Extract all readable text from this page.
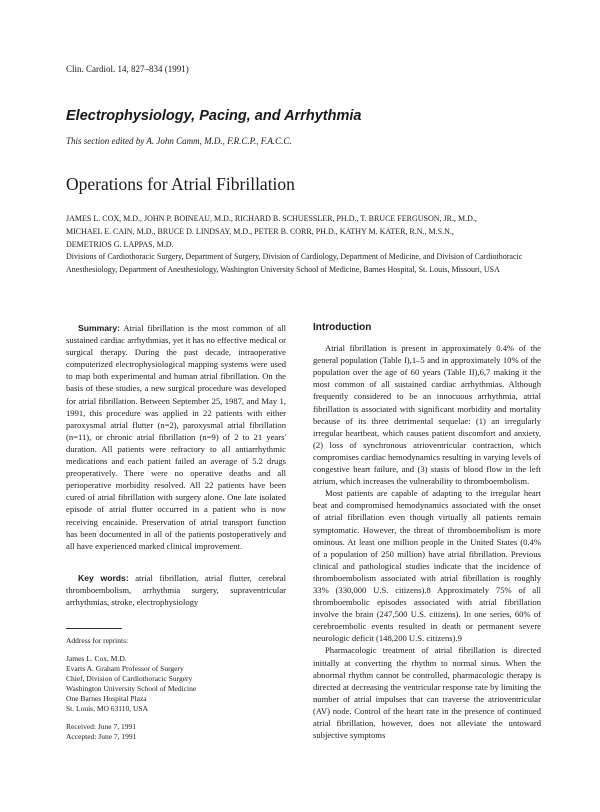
Clin. Cardiol. 14, 827–834 (1991)
Electrophysiology, Pacing, and Arrhythmia
This section edited by A. John Camm, M.D., F.R.C.P., F.A.C.C.
Operations for Atrial Fibrillation
JAMES L. COX, M.D., JOHN P. BOINEAU, M.D., RICHARD B. SCHUESSLER, PH.D., T. BRUCE FERGUSON, JR., M.D.,
MICHAEL E. CAIN, M.D., BRUCE D. LINDSAY, M.D., PETER B. CORR, PH.D., KATHY M. KATER, R.N., M.S.N.,
DEMETRIOS G. LAPPAS, M.D.
Divisions of Cardiothoracic Surgery, Department of Surgery, Division of Cardiology, Department of Medicine, and Division of Cardiothoracic Anesthesiology, Department of Anesthesiology, Washington University School of Medicine, Barnes Hospital, St. Louis, Missouri, USA
Summary: Atrial fibrillation is the most common of all sustained cardiac arrhythmias, yet it has no effective medical or surgical therapy. During the past decade, intraoperative computerized electrophysiological mapping systems were used to map both experimental and human atrial fibrillation. On the basis of these studies, a new surgical procedure was developed for atrial fibrillation. Between September 25, 1987, and May 1, 1991, this procedure was applied in 22 patients with either paroxysmal atrial flutter (n=2), paroxysmal atrial fibrillation (n=11), or chronic atrial fibrillation (n=9) of 2 to 21 years' duration. All patients were refractory to all antiarrhythmic medications and each patient failed an average of 5.2 drugs preoperatively. There were no operative deaths and all perioperative morbidity resolved. All 22 patients have been cured of atrial fibrillation with surgery alone. One late isolated episode of atrial flutter occurred in a patient who is now receiving encainide. Preservation of atrial transport function has been documented in all of the patients postoperatively and all have experienced marked clinical improvement.
Key words: atrial fibrillation, atrial flutter, cerebral thromboembolism, arrhythmia surgery, supraventricular arrhythmias, stroke, electrophysiology
Address for reprints:
James L. Cox, M.D.
Evarts A. Graham Professor of Surgery
Chief, Division of Cardiothoracic Surgery
Washington University School of Medicine
One Barnes Hospital Plaza
St. Louis, MO 63110, USA
Received: June 7, 1991
Accepted: June 7, 1991
Introduction
Atrial fibrillation is present in approximately 0.4% of the general population (Table I),1–5 and in approximately 10% of the population over the age of 60 years (Table II),6,7 making it the most common of all sustained cardiac arrhythmias. Although frequently considered to be an innocuous arrhythmia, atrial fibrillation is associated with significant morbidity and mortality because of its three detrimental sequelae: (1) an irregularly irregular heartbeat, which causes patient discomfort and anxiety, (2) loss of synchronous atrioventricular contraction, which compromises cardiac hemodynamics resulting in varying levels of congestive heart failure, and (3) stasis of blood flow in the left atrium, which increases the vulnerability to thromboembolism.
Most patients are capable of adapting to the irregular heart beat and compromised hemodynamics associated with the onset of atrial fibrillation even though virtually all patients remain symptomatic. However, the threat of thromboembolism is more ominous. At least one million people in the United States (0.4% of a population of 250 million) have atrial fibrillation. Previous clinical and pathological studies indicate that the incidence of thromboembolism associated with atrial fibrillation is roughly 33% (330,000 U.S. citizens).8 Approximately 75% of all thromboembolic episodes associated with atrial fibrillation involve the brain (247,500 U.S. citizens). In one series, 60% of cerebroembolic events resulted in death or permanent severe neurologic deficit (148,200 U.S. citizens).9
Pharmacologic treatment of atrial fibrillation is directed initially at converting the rhythm to normal sinus. When the abnormal rhythm cannot be controlled, pharmacologic therapy is directed at decreasing the ventricular response rate by limiting the number of atrial impulses that can traverse the atrioventricular (AV) node. Control of the heart rate in the presence of continued atrial fibrillation, however, does not alleviate the untoward subjective symptoms
